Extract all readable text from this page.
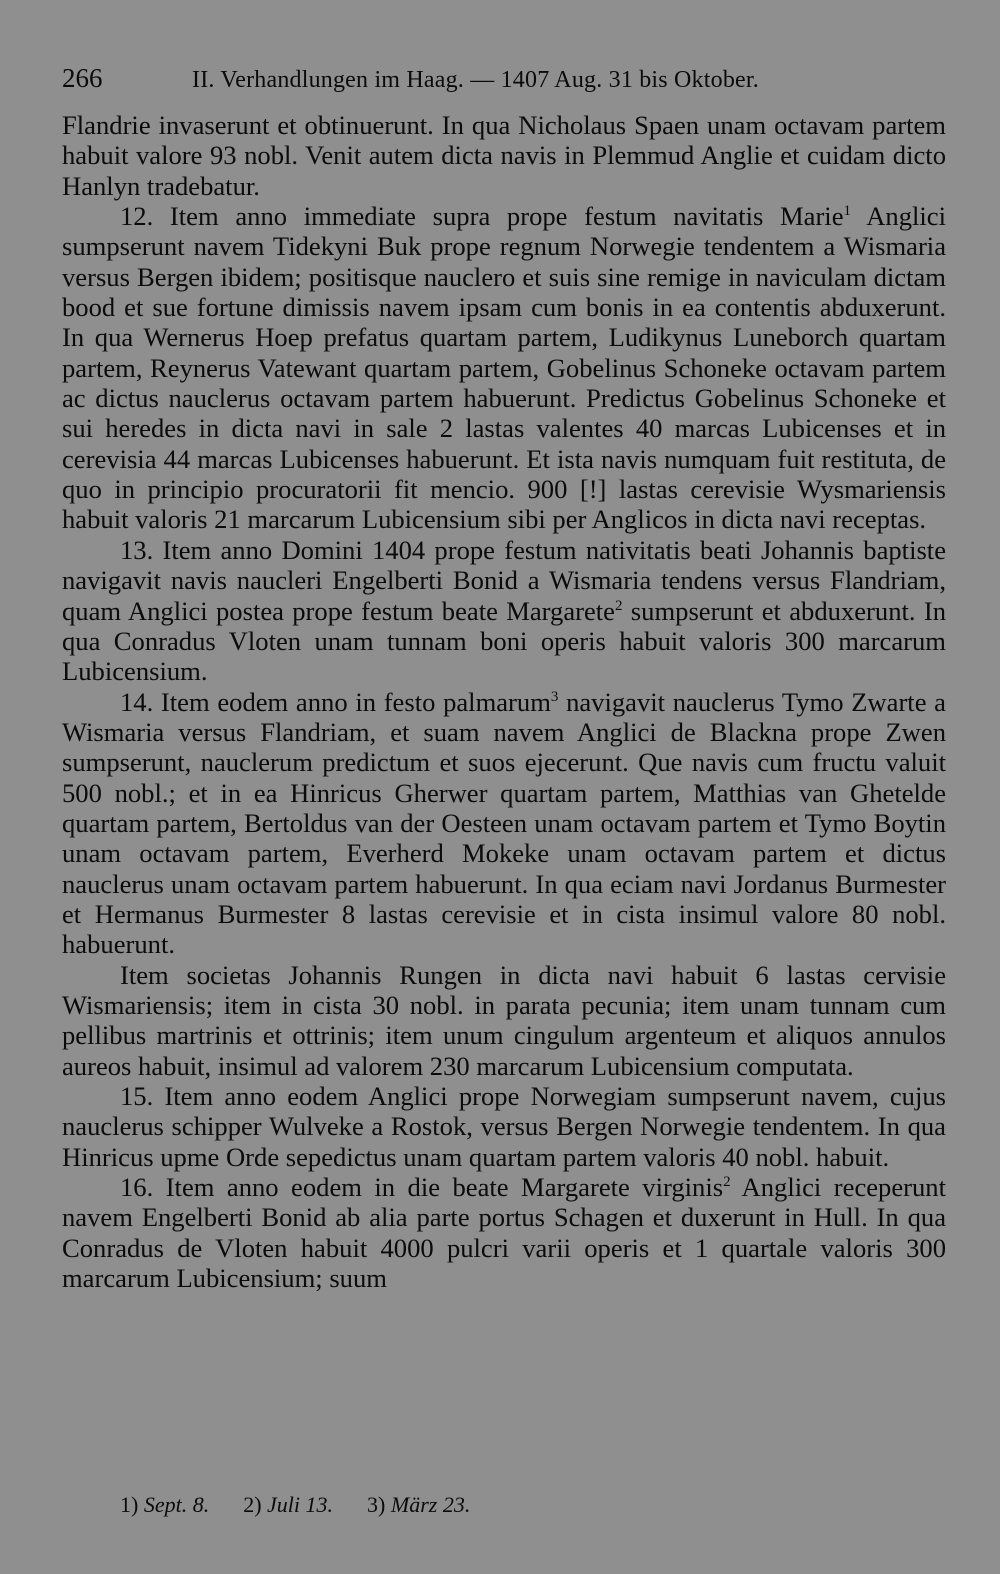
266	II. Verhandlungen im Haag. — 1407 Aug. 31 bis Oktober.

Flandrie invaserunt et obtinuerunt. In qua Nicholaus Spaen unam octavam partem habuit valore 93 nobl. Venit autem dicta navis in Plemmud Anglie et cuidam dicto Hanlyn tradebatur.

12. Item anno immediate supra prope festum navitatis Marie$^1$ Anglici sumpserunt navem Tidekyni Buk prope regnum Norwegie tendentem a Wismaria versus Bergen ibidem; positisque nauclero et suis sine remige in naviculam dictam bood et sue fortune dimissis navem ipsam cum bonis in ea contentis abduxerunt. In qua Wernerus Hoep prefatus quartam partem, Ludikynus Luneborch quartam partem, Reynerus Vatewant quartam partem, Gobelinus Schoneke octavam partem ac dictus nauclerus octavam partem habuerunt. Predictus Gobelinus Schoneke et sui heredes in dicta navi in sale 2 lastas valentes 40 marcas Lubicenses et in cerevisia 44 marcas Lubicenses habuerunt. Et ista navis numquam fuit restituta, de quo in principio procuratorii fit mencio. 900 [!] lastas cerevisie Wysmariensis habuit valoris 21 marcarum Lubicensium sibi per Anglicos in dicta navi receptas.

13. Item anno Domini 1404 prope festum nativitatis beati Johannis baptiste navigavit navis naucleri Engelberti Bonid a Wismaria tendens versus Flandriam, quam Anglici postea prope festum beate Margarete$^2$ sumpserunt et abduxerunt. In qua Conradus Vloten unam tunnam boni operis habuit valoris 300 marcarum Lubicensium.

14. Item eodem anno in festo palmarum$^3$ navigavit nauclerus Tymo Zwarte a Wismaria versus Flandriam, et suam navem Anglici de Blackna prope Zwen sumpserunt, nauclerum predictum et suos ejecerunt. Que navis cum fructu valuit 500 nobl.; et in ea Hinricus Gherwer quartam partem, Matthias van Ghetelde quartam partem, Bertoldus van der Oesteen unam octavam partem et Tymo Boytin unam octavam partem, Everherd Mokeke unam octavam partem et dictus nauclerus unam octavam partem habuerunt. In qua eciam navi Jordanus Burmester et Hermanus Burmester 8 lastas cerevisie et in cista insimul valore 80 nobl. habuerunt.

Item societas Johannis Rungen in dicta navi habuit 6 lastas cervisie Wismariensis; item in cista 30 nobl. in parata pecunia; item unam tunnam cum pellibus martrinis et ottrinis; item unum cingulum argenteum et aliquos annulos aureos habuit, insimul ad valorem 230 marcarum Lubicensium computata.

15. Item anno eodem Anglici prope Norwegiam sumpserunt navem, cujus nauclerus schipper Wulveke a Rostok, versus Bergen Norwegie tendentem. In qua Hinricus upme Orde sepedictus unam quartam partem valoris 40 nobl. habuit.

16. Item anno eodem in die beate Margarete virginis$^2$ Anglici receperunt navem Engelberti Bonid ab alia parte portus Schagen et duxerunt in Hull. In qua Conradus de Vloten habuit 4000 pulcri varii operis et 1 quartale valoris 300 marcarum Lubicensium; suum

1) Sept. 8. 2) Juli 13. 3) März 23.
